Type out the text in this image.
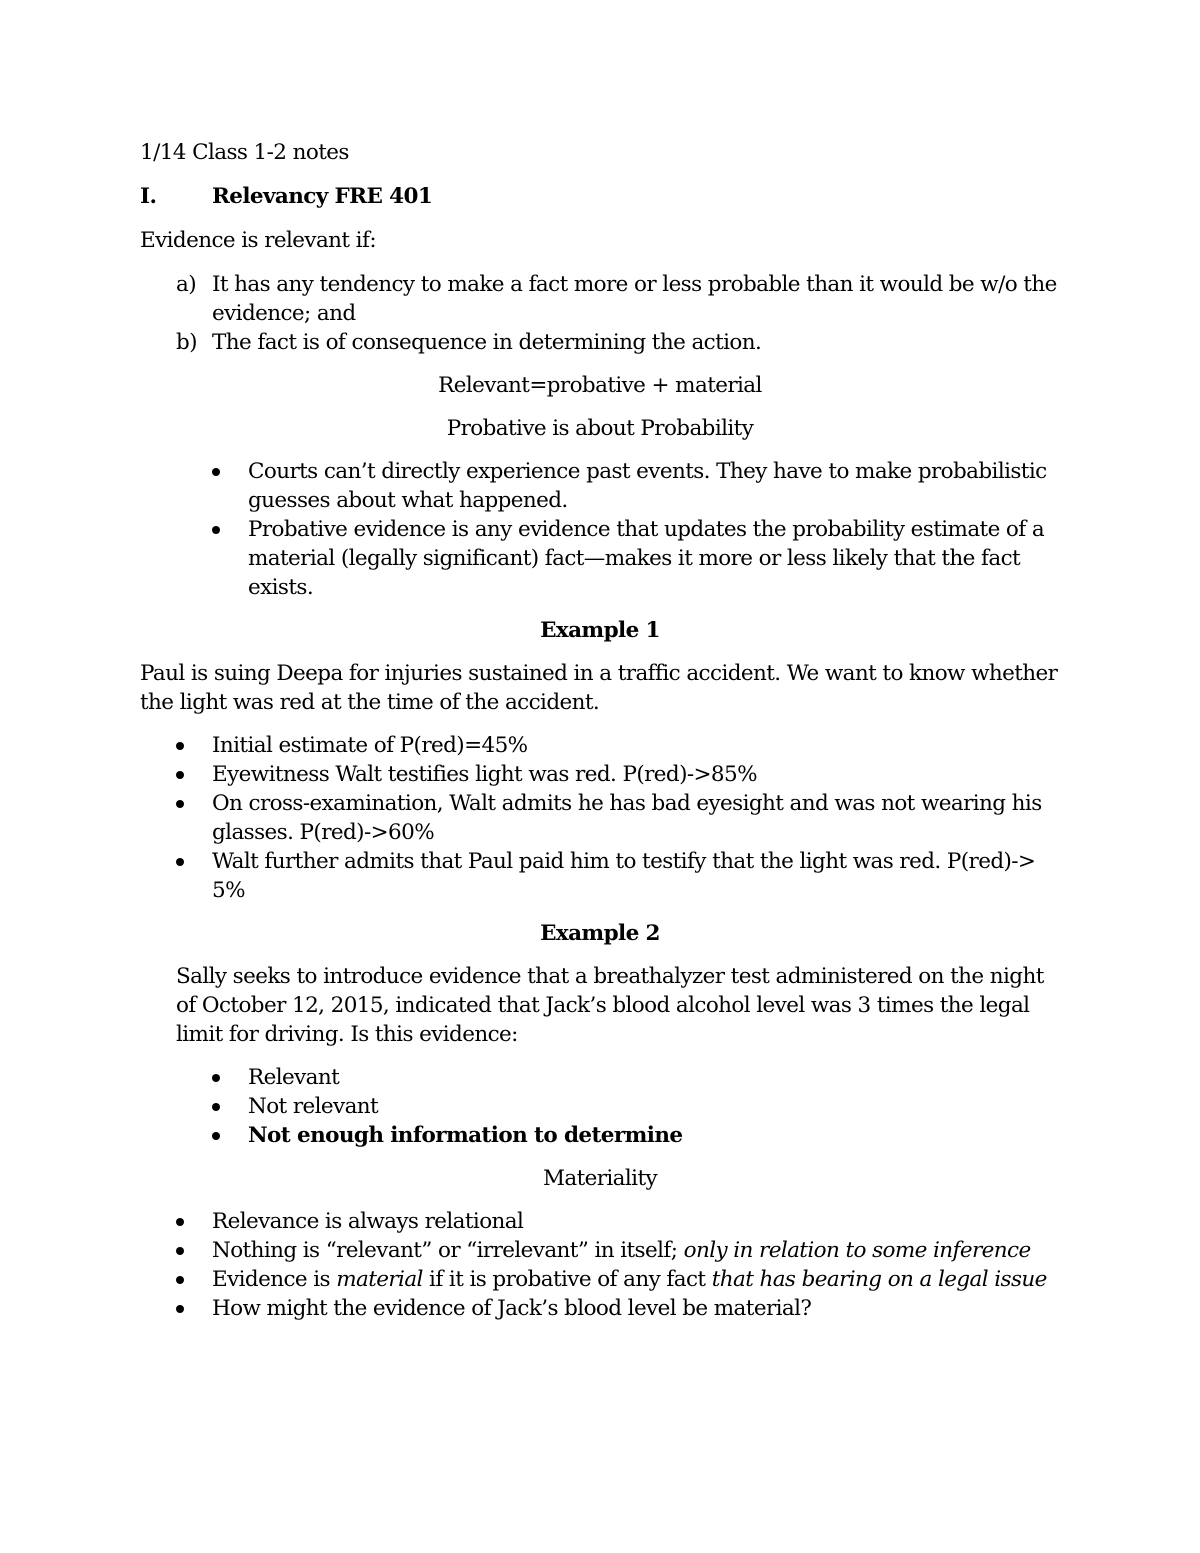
1/14 Class 1-2 notes

I.	Relevancy FRE 401

Evidence is relevant if:

a) It has any tendency to make a fact more or less probable than it would be w/o the evidence; and
b) The fact is of consequence in determining the action.

Relevant=probative + material

Probative is about Probability

Courts can’t directly experience past events. They have to make probabilistic guesses about what happened.
Probative evidence is any evidence that updates the probability estimate of a material (legally significant) fact—makes it more or less likely that the fact exists.

Example 1

Paul is suing Deepa for injuries sustained in a traffic accident. We want to know whether the light was red at the time of the accident.

Initial estimate of P(red)=45%
Eyewitness Walt testifies light was red. P(red)->85%
On cross-examination, Walt admits he has bad eyesight and was not wearing his glasses. P(red)->60%
Walt further admits that Paul paid him to testify that the light was red. P(red)-> 5%

Example 2

Sally seeks to introduce evidence that a breathalyzer test administered on the night of October 12, 2015, indicated that Jack’s blood alcohol level was 3 times the legal limit for driving. Is this evidence:

Relevant
Not relevant
Not enough information to determine

Materiality

Relevance is always relational
Nothing is “relevant” or “irrelevant” in itself; only in relation to some inference
Evidence is material if it is probative of any fact that has bearing on a legal issue
How might the evidence of Jack’s blood level be material?
